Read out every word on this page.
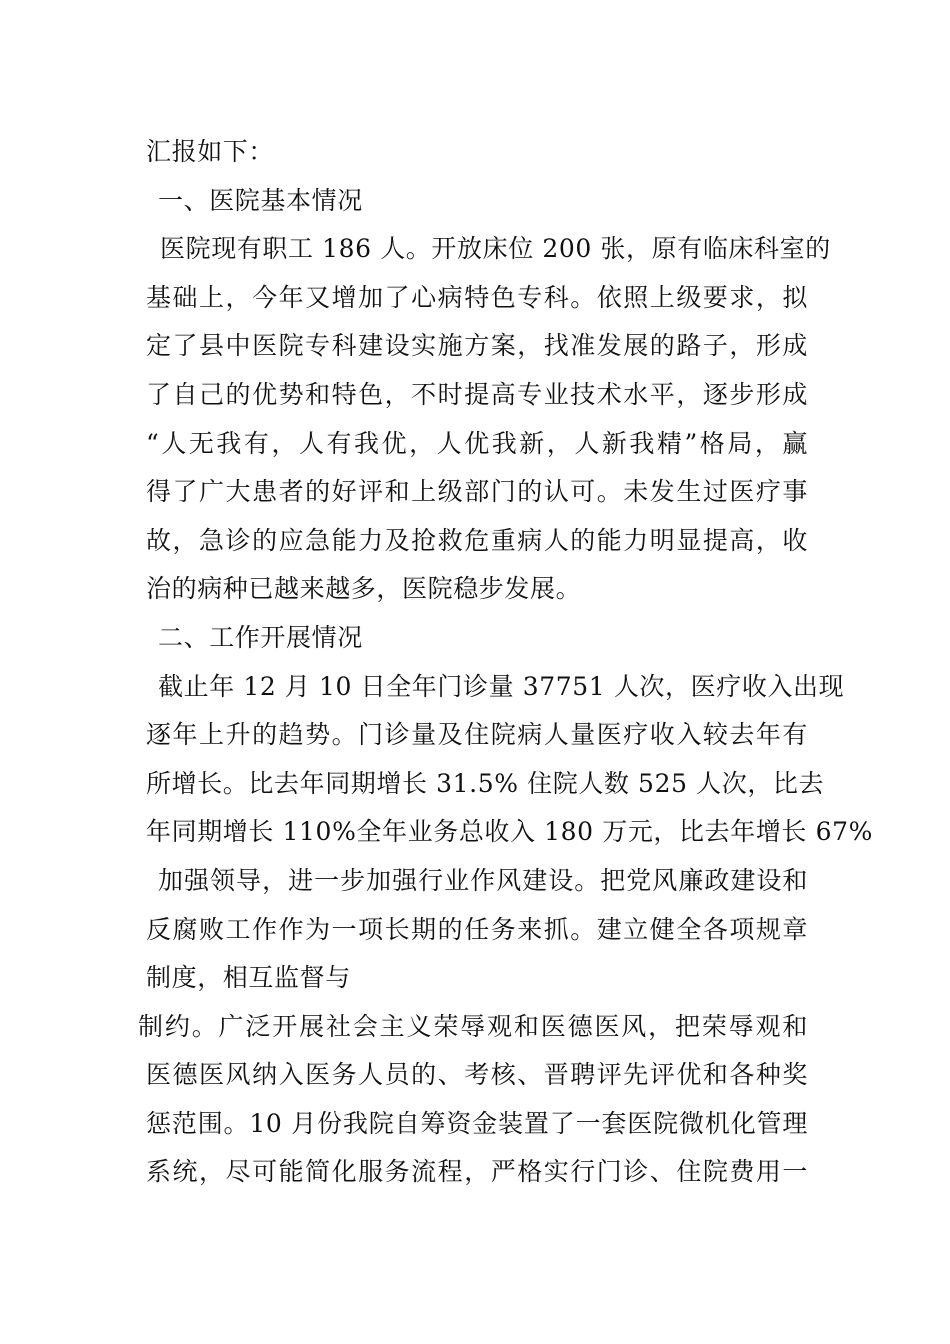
汇报如下：
一、医院基本情况
医院现有职工 186 人。开放床位 200 张，原有临床科室的
基础上，今年又增加了心病特色专科。依照上级要求，拟
定了县中医院专科建设实施方案，找准发展的路子，形成
了自己的优势和特色，不时提高专业技术水平，逐步形成
“人无我有，人有我优，人优我新，人新我精”格局，赢
得了广大患者的好评和上级部门的认可。未发生过医疗事
故，急诊的应急能力及抢救危重病人的能力明显提高，收
治的病种已越来越多，医院稳步发展。
二、工作开展情况
截止年 12 月 10 日全年门诊量 37751 人次，医疗收入出现
逐年上升的趋势。门诊量及住院病人量医疗收入较去年有
所增长。比去年同期增长 31.5% 住院人数 525 人次，比去
年同期增长 110%全年业务总收入 180 万元，比去年增长 67%
加强领导，进一步加强行业作风建设。把党风廉政建设和
反腐败工作作为一项长期的任务来抓。建立健全各项规章
制度，相互监督与
制约。广泛开展社会主义荣辱观和医德医风，把荣辱观和
医德医风纳入医务人员的、考核、晋聘评先评优和各种奖
惩范围。10 月份我院自筹资金装置了一套医院微机化管理
系统，尽可能简化服务流程，严格实行门诊、住院费用一
